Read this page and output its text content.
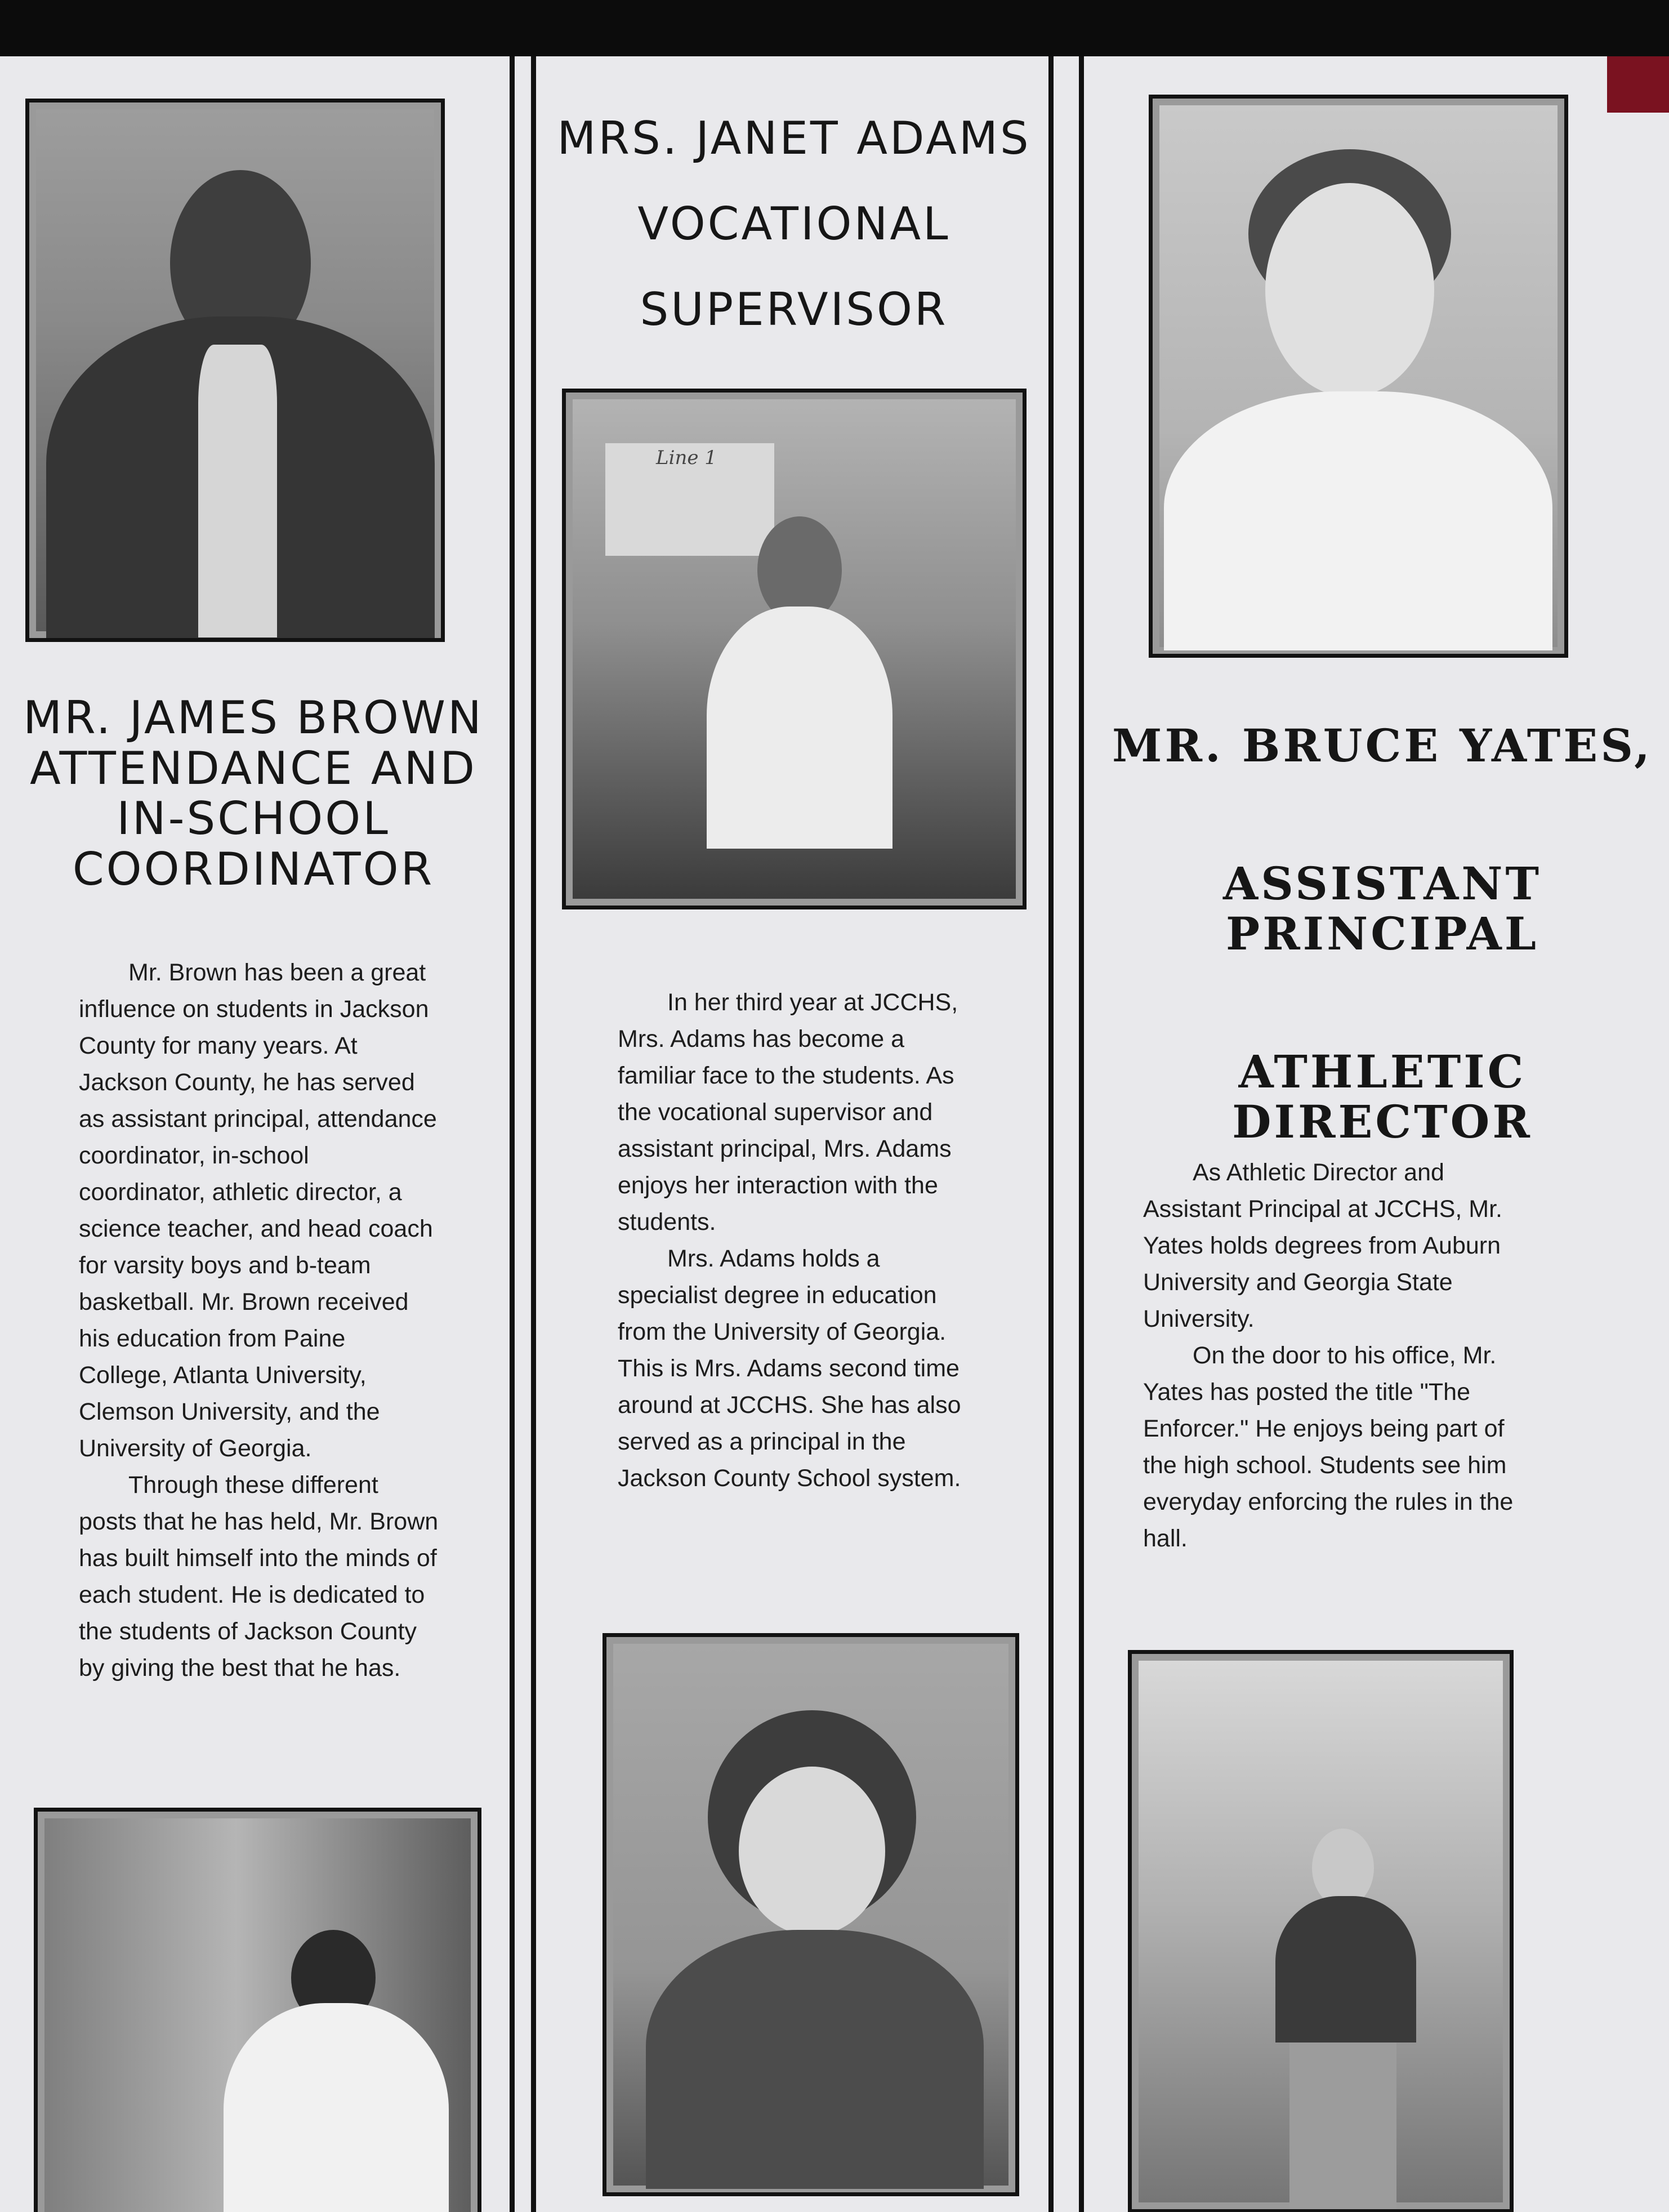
MR. JAMES BROWN
ATTENDANCE AND
IN-SCHOOL
COORDINATOR

Mr. Brown has been a great influence on students in Jackson County for many years. At Jackson County, he has served as assistant principal, attendance coordinator, in-school coordinator, athletic director, a science teacher, and head coach for varsity boys and b-team basketball. Mr. Brown received his education from Paine College, Atlanta University, Clemson University, and the University of Georgia.

Through these different posts that he has held, Mr. Brown has built himself into the minds of each student. He is dedicated to the students of Jackson County by giving the best that he has.

MRS. JANET ADAMS
VOCATIONAL
SUPERVISOR
Line 1

In her third year at JCCHS, Mrs. Adams has become a familiar face to the students. As the vocational supervisor and assistant principal, Mrs. Adams enjoys her interaction with the students.

Mrs. Adams holds a specialist degree in education from the University of Georgia. This is Mrs. Adams second time around at JCCHS. She has also served as a principal in the Jackson County School system.

MR. BRUCE YATES,
ASSISTANT PRINCIPAL
ATHLETIC DIRECTOR

As Athletic Director and Assistant Principal at JCCHS, Mr. Yates holds degrees from Auburn University and Georgia State University.

On the door to his office, Mr. Yates has posted the title "The Enforcer." He enjoys being part of the high school. Students see him everyday enforcing the rules in the hall.
